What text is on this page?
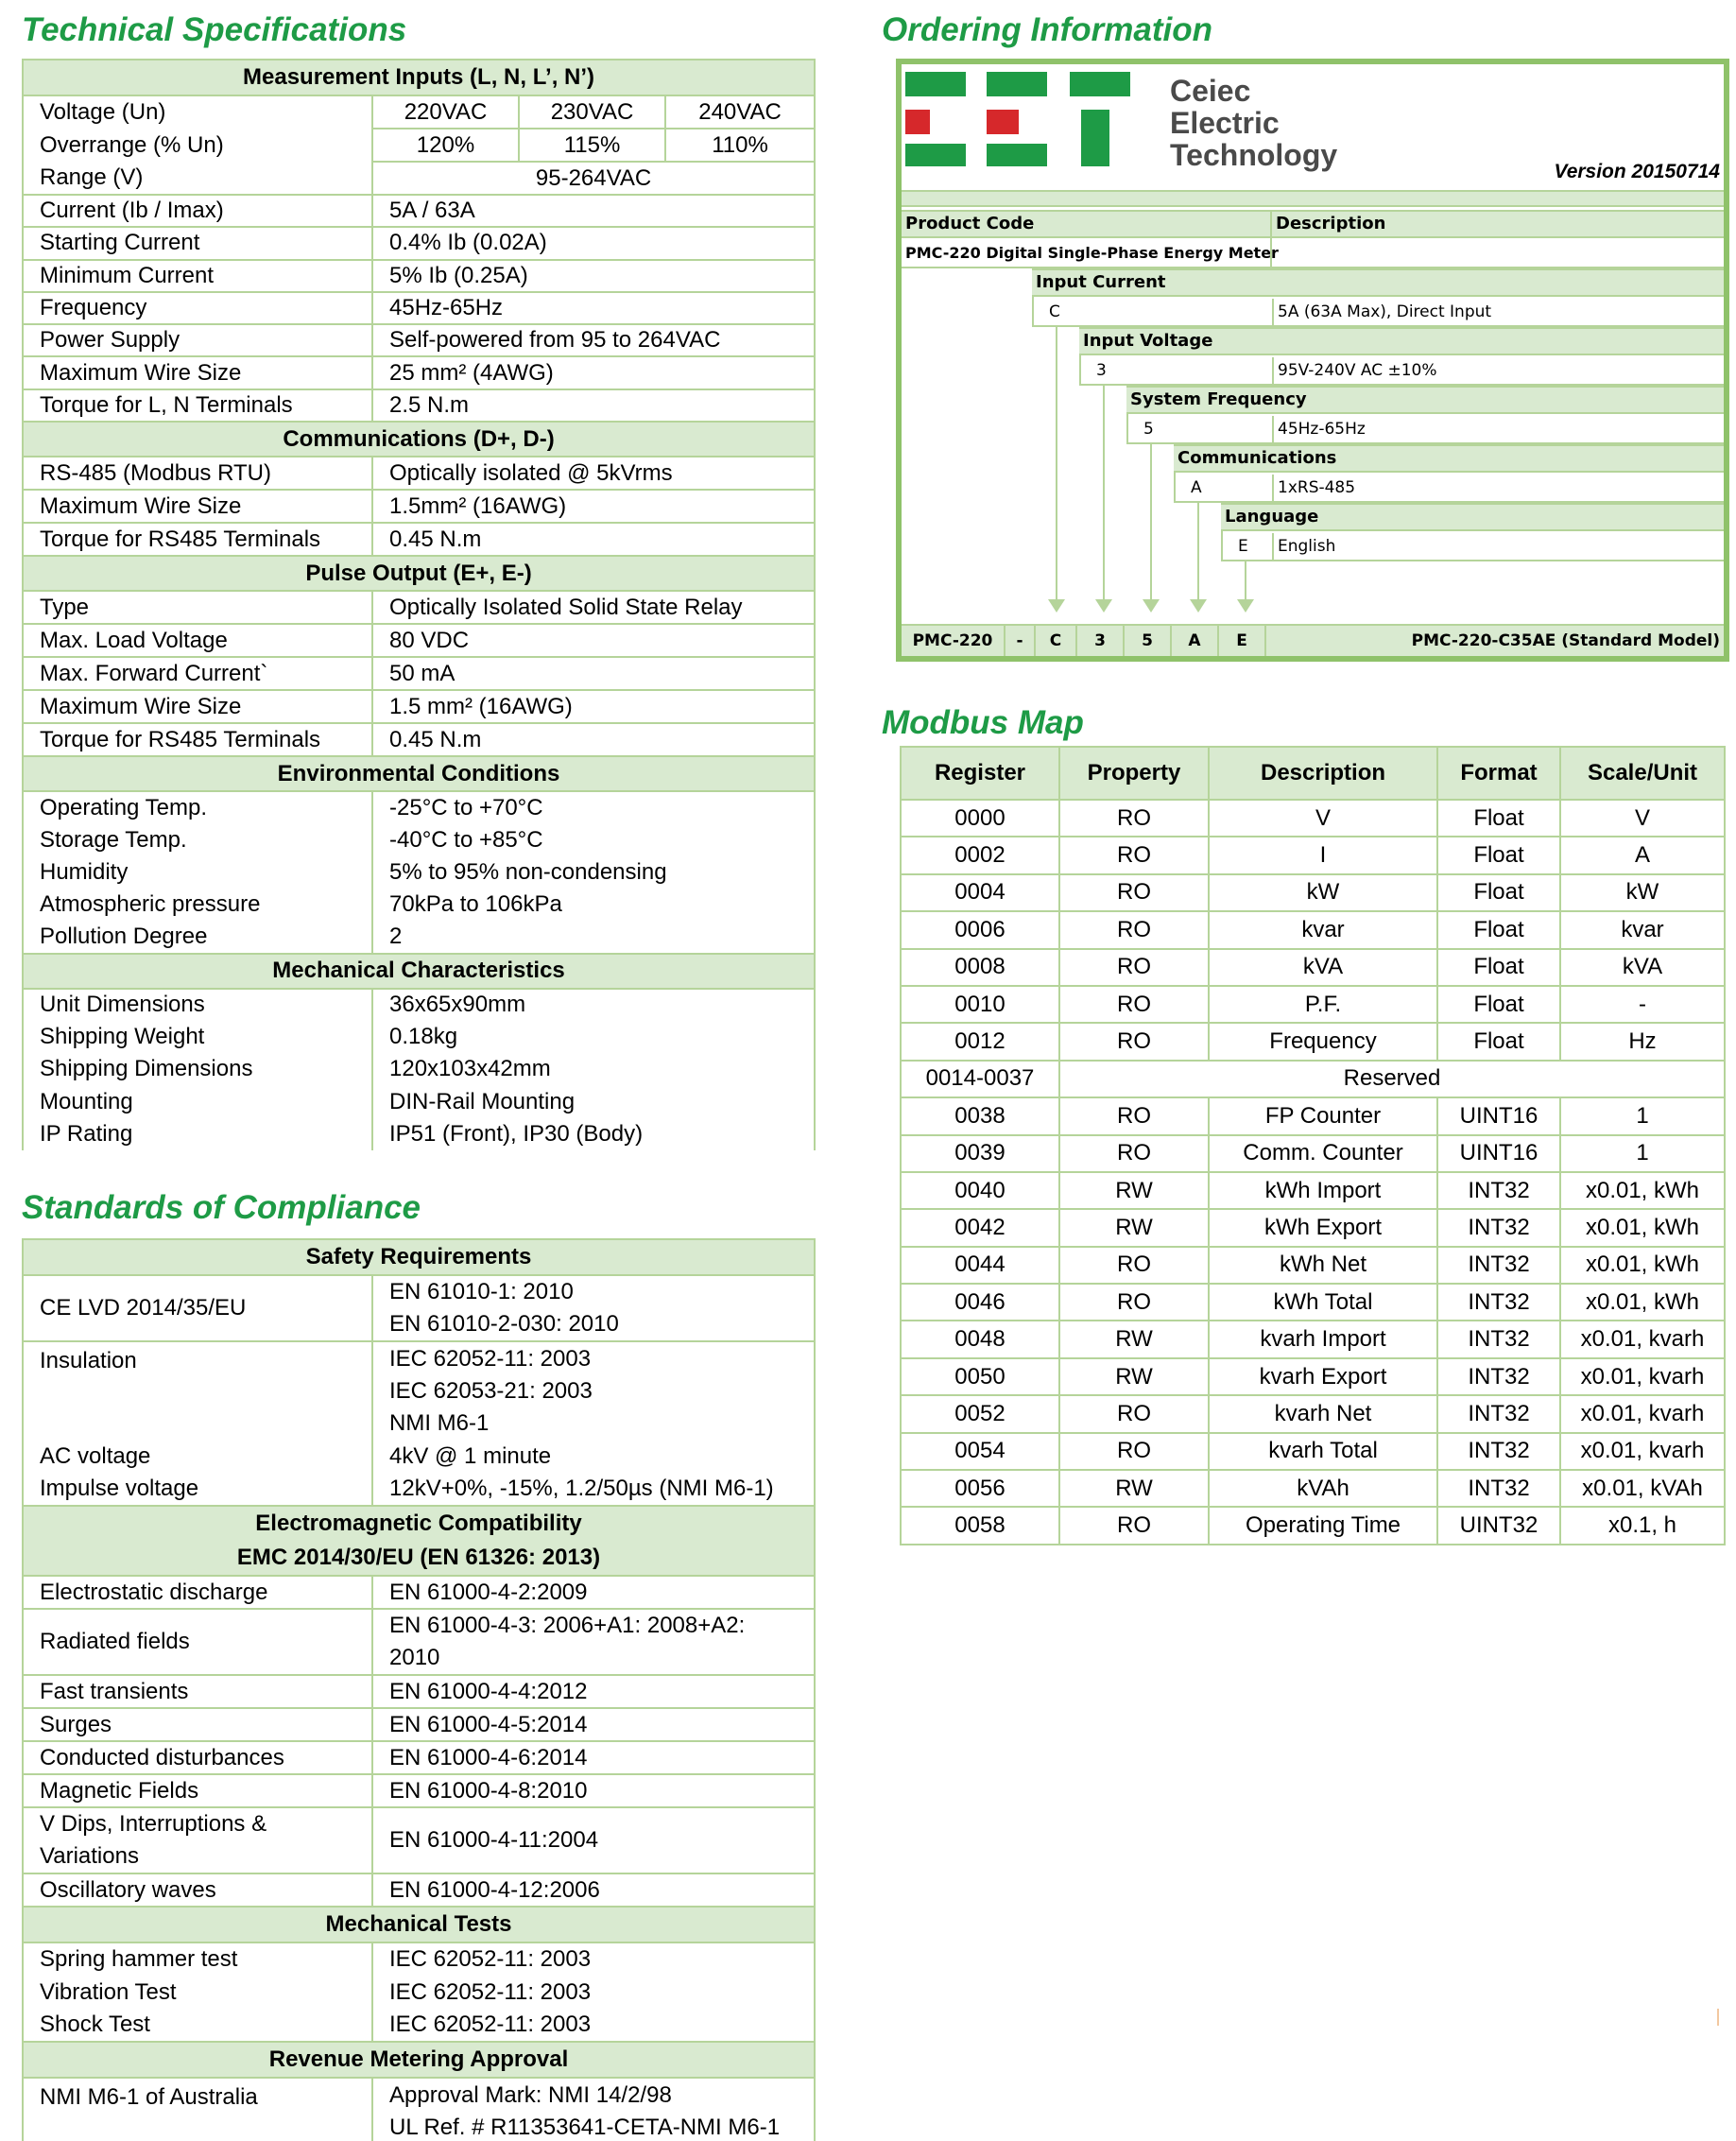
Technical Specifications	Ordering Information
Modbus Map
Standards of Compliance
Measurement Inputs (L, N, L’, N’)			
Voltage (Un)	220VAC	230VAC	240VAC
Overrange (% Un)	120%	115%	110%
Range (V)	95-264VAC		
Current (Ib / Imax)	5A / 63A		
Starting Current	0.4% Ib (0.02A)		
Minimum Current	5% Ib (0.25A)		
Frequency	45Hz-65Hz		
Power Supply	Self-powered from 95 to 264VAC		
Maximum Wire Size	25 mm² (4AWG)		
Torque for L, N Terminals	2.5 N.m		
Communications (D+, D-)			
RS-485 (Modbus RTU)	Optically isolated @ 5kVrms		
Maximum Wire Size	1.5mm² (16AWG)		
Torque for RS485 Terminals	0.45 N.m		
Pulse Output (E+, E-)			
Type	Optically Isolated Solid State Relay		
Max. Load Voltage	80 VDC		
Max. Forward Current`	50 mA		
Maximum Wire Size	1.5 mm² (16AWG)		
Torque for RS485 Terminals	0.45 N.m		
Environmental Conditions			
Operating Temp.	-25°C to +70°C		
Storage Temp.	-40°C to +85°C		
Humidity	5% to 95% non-condensing		
Atmospheric pressure	70kPa to 106kPa		
Pollution Degree	2		
Mechanical Characteristics			
Unit Dimensions	36x65x90mm		
Shipping Weight	0.18kg		
Shipping Dimensions	120x103x42mm		
Mounting	DIN-Rail Mounting		
IP Rating	IP51 (Front), IP30 (Body)		
Safety Requirements	
CE LVD 2014/35/EU	EN 61010-1: 2010
EN 61010-2-030: 2010

Insulation	IEC 62052-11: 2003
IEC 62053-21: 2003
NMI M6-1

AC voltage	4kV @ 1 minute
Impulse voltage	12kV+0%, -15%, 1.2/50µs (NMI M6-1)
Electromagnetic Compatibility	
EMC 2014/30/EU (EN 61326: 2013)	
Electrostatic discharge	EN 61000-4-2:2009
Radiated fields	EN 61000-4-3: 2006+A1: 2008+A2: 2010
Fast transients	EN 61000-4-4:2012
Surges	EN 61000-4-5:2014
Conducted disturbances	EN 61000-4-6:2014
Magnetic Fields	EN 61000-4-8:2010
V Dips, Interruptions & Variations	EN 61000-4-11:2004
Oscillatory waves	EN 61000-4-12:2006
Mechanical Tests	
Spring hammer test	IEC 62052-11: 2003
Vibration Test	IEC 62052-11: 2003
Shock Test	IEC 62052-11: 2003
Revenue Metering Approval	
NMI M6-1 of Australia	Approval Mark: NMI 14/2/98
UL Ref. # R11353641-CETA-NMI M6-1
Ceiec
Electric
Technology	Version 20150714
Product Code	Description
PMC-220 Digital Single-Phase Energy Meter
Input Current
C	5A (63A Max), Direct Input
Input Voltage
3	95V-240V AC ±10%
System Frequency
5	45Hz-65Hz
Communications
A	1xRS-485
Language
E	English
PMC-220	-	C	3	5	A	E	PMC-220-C35AE (Standard Model)
Register	Property	Description	Format	Scale/Unit
0000	RO	V	Float	V
0002	RO	I	Float	A
0004	RO	kW	Float	kW
0006	RO	kvar	Float	kvar
0008	RO	kVA	Float	kVA
0010	RO	P.F.	Float	-
0012	RO	Frequency	Float	Hz
0014-0037	Reserved			
0038	RO	FP Counter	UINT16	1
0039	RO	Comm. Counter	UINT16	1
0040	RW	kWh Import	INT32	x0.01, kWh
0042	RW	kWh Export	INT32	x0.01, kWh
0044	RO	kWh Net	INT32	x0.01, kWh
0046	RO	kWh Total	INT32	x0.01, kWh
0048	RW	kvarh Import	INT32	x0.01, kvarh
0050	RW	kvarh Export	INT32	x0.01, kvarh
0052	RO	kvarh Net	INT32	x0.01, kvarh
0054	RO	kvarh Total	INT32	x0.01, kvarh
0056	RW	kVAh	INT32	x0.01, kVAh
0058	RO	Operating Time	UINT32	x0.1, h
